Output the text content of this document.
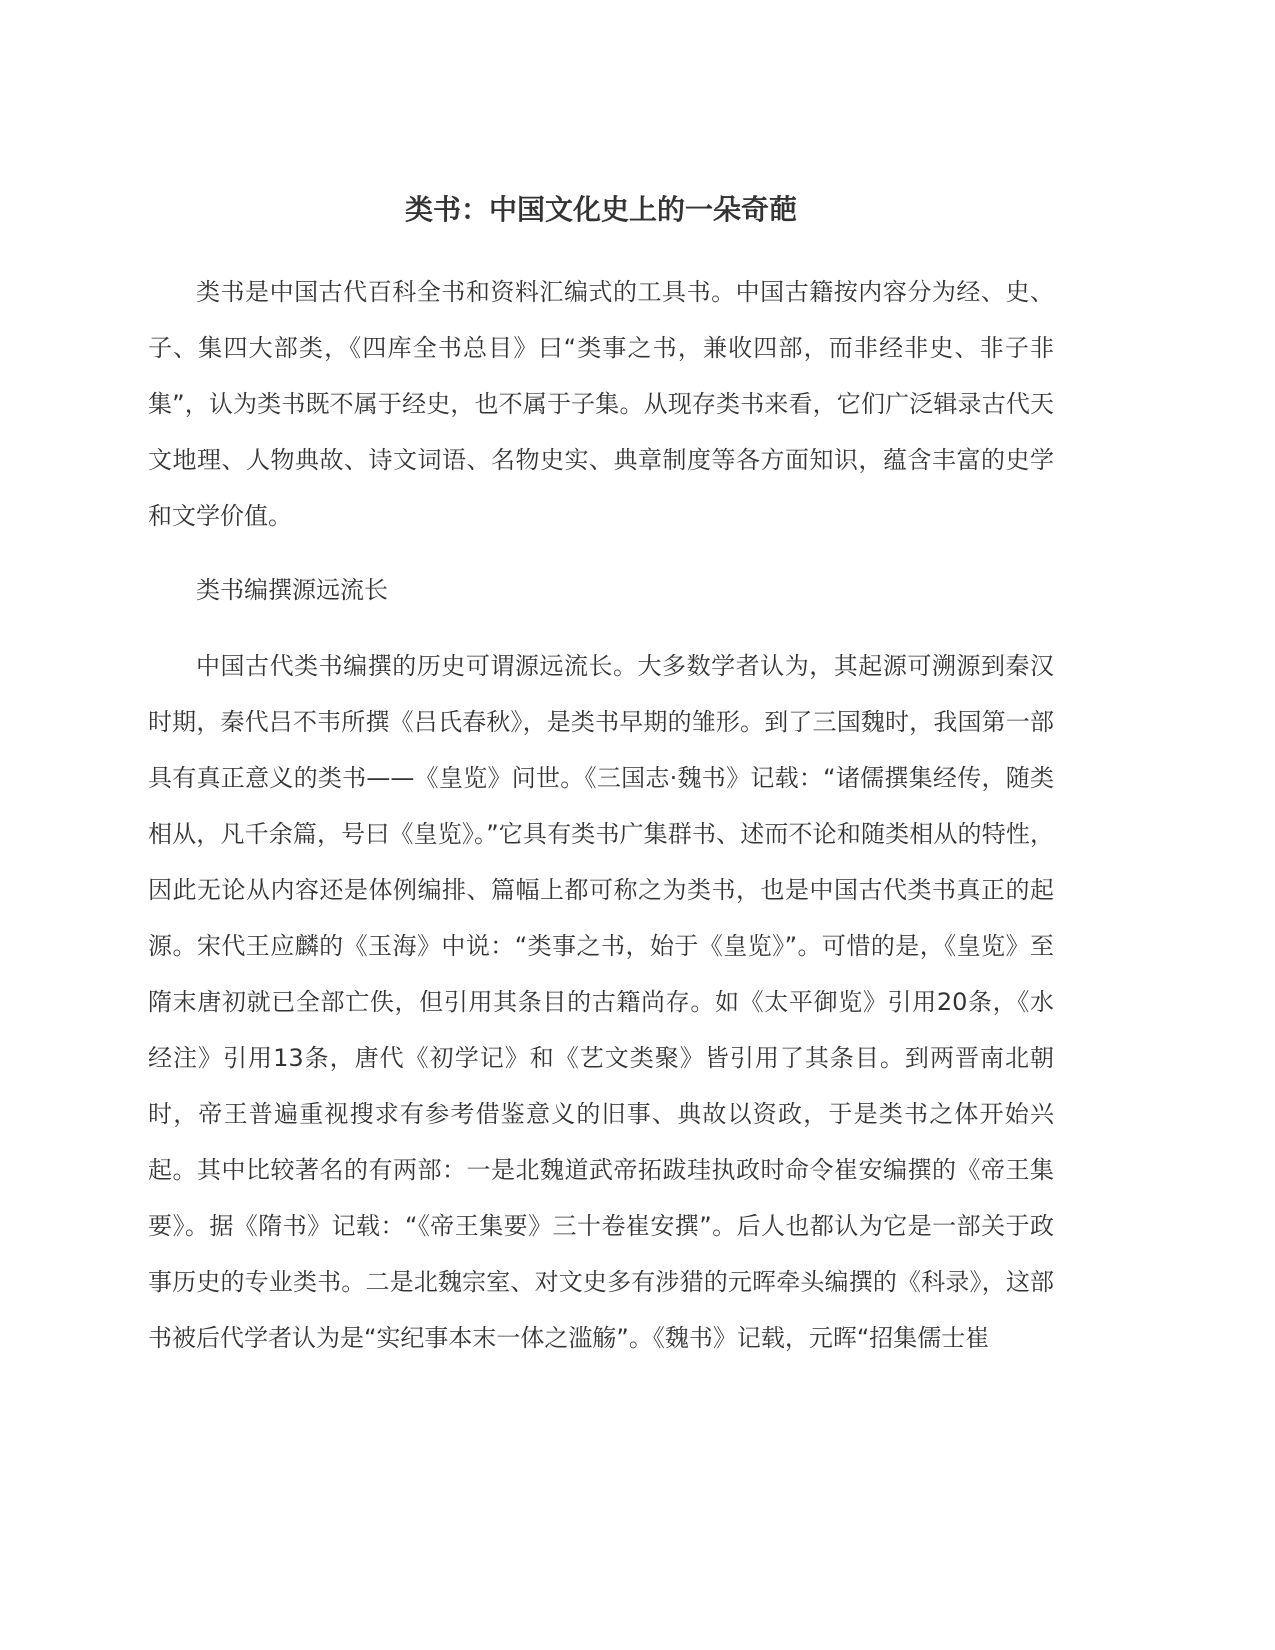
类书：中国文化史上的一朵奇葩

类书是中国古代百科全书和资料汇编式的工具书。中国古籍按内容分为经、史、子、集四大部类，《四库全书总目》曰“类事之书，兼收四部，而非经非史、非子非集”，认为类书既不属于经史，也不属于子集。从现存类书来看，它们广泛辑录古代天文地理、人物典故、诗文词语、名物史实、典章制度等各方面知识，蕴含丰富的史学和文学价值。

类书编撰源远流长

中国古代类书编撰的历史可谓源远流长。大多数学者认为，其起源可溯源到秦汉时期，秦代吕不韦所撰《吕氏春秋》，是类书早期的雏形。到了三国魏时，我国第一部具有真正意义的类书——《皇览》问世。《三国志·魏书》记载：“诸儒撰集经传，随类相从，凡千余篇，号曰《皇览》。”它具有类书广集群书、述而不论和随类相从的特性，因此无论从内容还是体例编排、篇幅上都可称之为类书，也是中国古代类书真正的起源。宋代王应麟的《玉海》中说：“类事之书，始于《皇览》”。可惜的是，《皇览》至隋末唐初就已全部亡佚，但引用其条目的古籍尚存。如《太平御览》引用20条，《水经注》引用13条，唐代《初学记》和《艺文类聚》皆引用了其条目。到两晋南北朝时，帝王普遍重视搜求有参考借鉴意义的旧事、典故以资政，于是类书之体开始兴起。其中比较著名的有两部：一是北魏道武帝拓跋珪执政时命令崔安编撰的《帝王集要》。据《隋书》记载：“《帝王集要》三十卷崔安撰”。后人也都认为它是一部关于政事历史的专业类书。二是北魏宗室、对文史多有涉猎的元晖牵头编撰的《科录》，这部书被后代学者认为是“实纪事本末一体之滥觞”。《魏书》记载，元晖“招集儒士崔
